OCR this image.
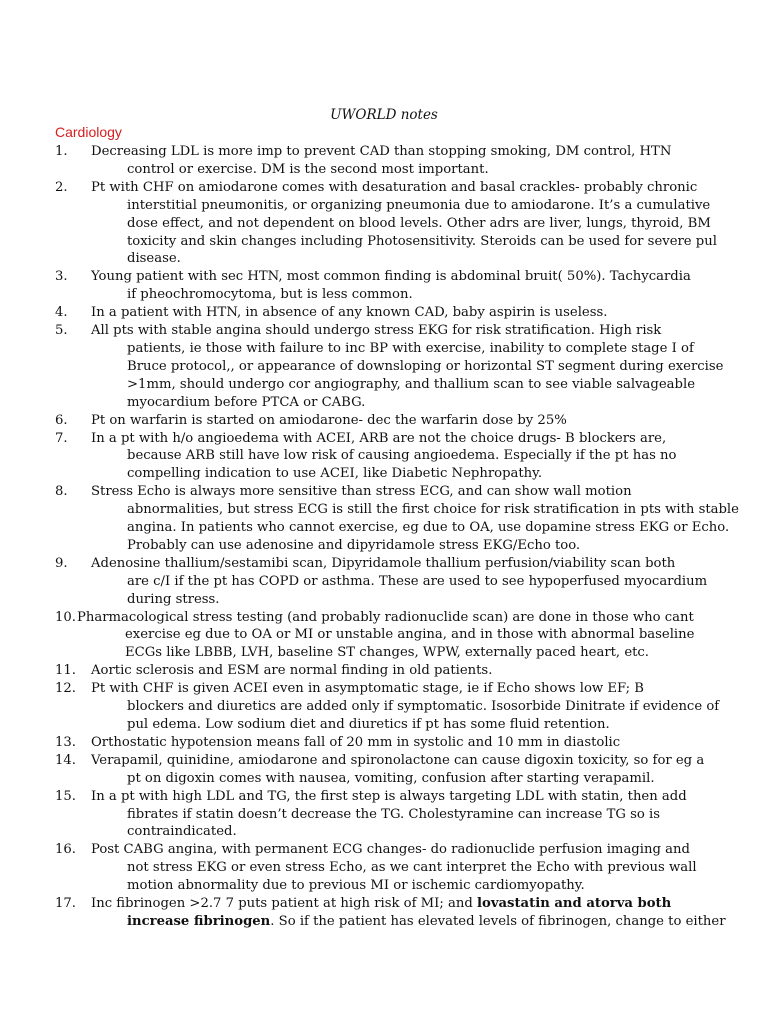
UWORLD notes
Cardiology
1. Decreasing LDL is more imp to prevent CAD than stopping smoking, DM control, HTN
control or exercise. DM is the second most important.
2. Pt with CHF on amiodarone comes with desaturation and basal crackles- probably chronic
interstitial pneumonitis, or organizing pneumonia due to amiodarone. It’s a cumulative
dose effect, and not dependent on blood levels. Other adrs are liver, lungs, thyroid, BM
toxicity and skin changes including Photosensitivity. Steroids can be used for severe pul
disease.
3. Young patient with sec HTN, most common finding is abdominal bruit( 50%). Tachycardia
if pheochromocytoma, but is less common.
4. In a patient with HTN, in absence of any known CAD, baby aspirin is useless.
5. All pts with stable angina should undergo stress EKG for risk stratification. High risk
patients, ie those with failure to inc BP with exercise, inability to complete stage I of
Bruce protocol,, or appearance of downsloping or horizontal ST segment during exercise
>1mm, should undergo cor angiography, and thallium scan to see viable salvageable
myocardium before PTCA or CABG.
6. Pt on warfarin is started on amiodarone- dec the warfarin dose by 25%
7. In a pt with h/o angioedema with ACEI, ARB are not the choice drugs- B blockers are,
because ARB still have low risk of causing angioedema. Especially if the pt has no
compelling indication to use ACEI, like Diabetic Nephropathy.
8. Stress Echo is always more sensitive than stress ECG, and can show wall motion
abnormalities, but stress ECG is still the first choice for risk stratification in pts with stable
angina. In patients who cannot exercise, eg due to OA, use dopamine stress EKG or Echo.
Probably can use adenosine and dipyridamole stress EKG/Echo too.
9. Adenosine thallium/sestamibi scan, Dipyridamole thallium perfusion/viability scan both
are c/I if the pt has COPD or asthma. These are used to see hypoperfused myocardium
during stress.
10. Pharmacological stress testing (and probably radionuclide scan) are done in those who cant
exercise eg due to OA or MI or unstable angina, and in those with abnormal baseline
ECGs like LBBB, LVH, baseline ST changes, WPW, externally paced heart, etc.
11. Aortic sclerosis and ESM are normal finding in old patients.
12. Pt with CHF is given ACEI even in asymptomatic stage, ie if Echo shows low EF; B
blockers and diuretics are added only if symptomatic. Isosorbide Dinitrate if evidence of
pul edema. Low sodium diet and diuretics if pt has some fluid retention.
13. Orthostatic hypotension means fall of 20 mm in systolic and 10 mm in diastolic
14. Verapamil, quinidine, amiodarone and spironolactone can cause digoxin toxicity, so for eg a
pt on digoxin comes with nausea, vomiting, confusion after starting verapamil.
15. In a pt with high LDL and TG, the first step is always targeting LDL with statin, then add
fibrates if statin doesn’t decrease the TG. Cholestyramine can increase TG so is
contraindicated.
16. Post CABG angina, with permanent ECG changes- do radionuclide perfusion imaging and
not stress EKG or even stress Echo, as we cant interpret the Echo with previous wall
motion abnormality due to previous MI or ischemic cardiomyopathy.
17. Inc fibrinogen >2.7 7 puts patient at high risk of MI; and lovastatin and atorva both
increase fibrinogen. So if the patient has elevated levels of fibrinogen, change to either
